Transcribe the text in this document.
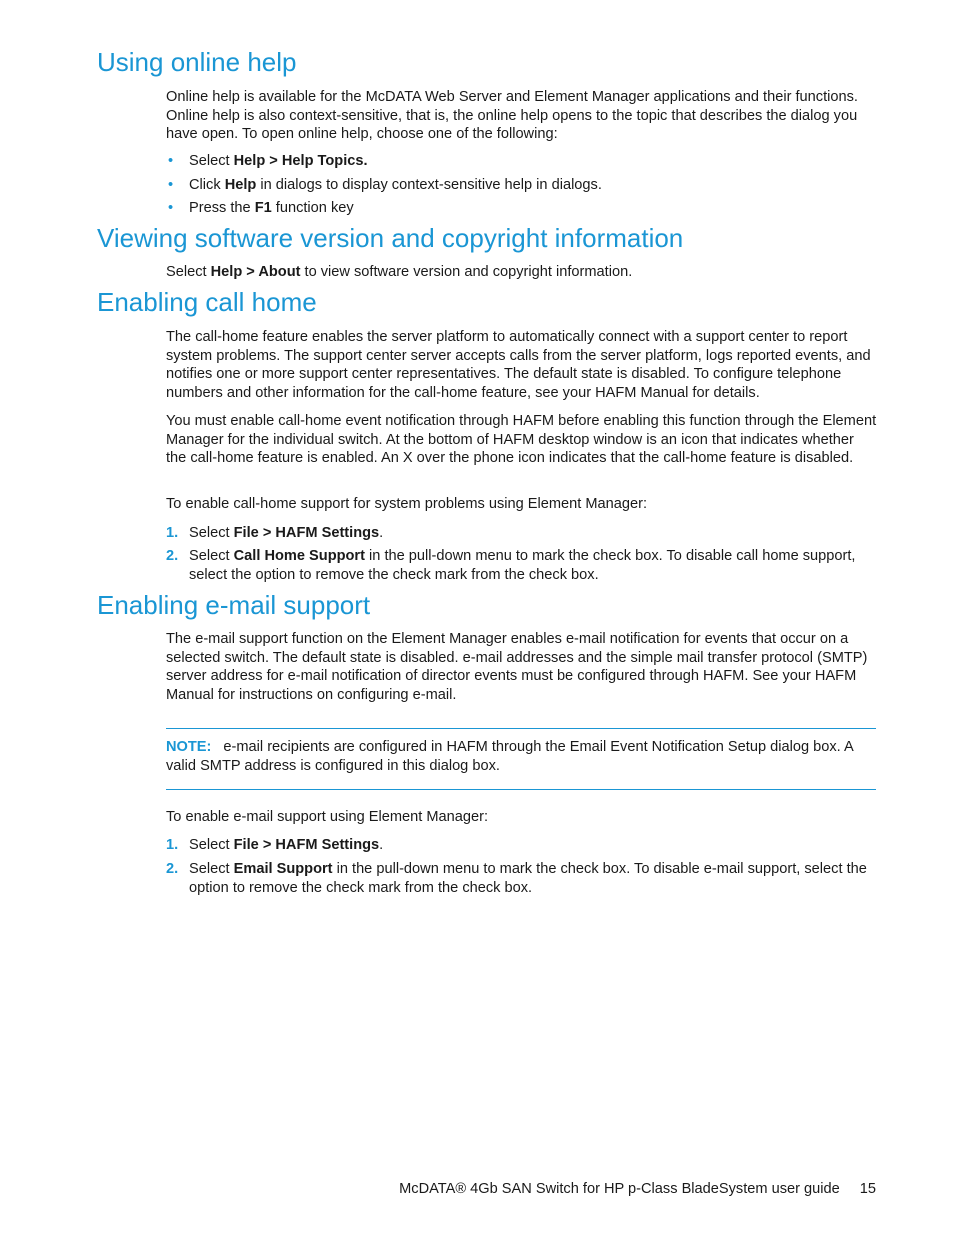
Using online help

Online help is available for the McDATA Web Server and Element Manager applications and their functions. Online help is also context-sensitive, that is, the online help opens to the topic that describes the dialog you have open. To open online help, choose one of the following:

• Select Help > Help Topics.
• Click Help in dialogs to display context-sensitive help in dialogs.
• Press the F1 function key
Viewing software version and copyright information

Select Help > About to view software version and copyright information.

Enabling call home

The call-home feature enables the server platform to automatically connect with a support center to report system problems. The support center server accepts calls from the server platform, logs reported events, and notifies one or more support center representatives. The default state is disabled. To configure telephone numbers and other information for the call-home feature, see your HAFM Manual for details.

You must enable call-home event notification through HAFM before enabling this function through the Element Manager for the individual switch. At the bottom of HAFM desktop window is an icon that indicates whether the call-home feature is enabled. An X over the phone icon indicates that the call-home feature is disabled.

To enable call-home support for system problems using Element Manager:

1. Select File > HAFM Settings.
2. Select Call Home Support in the pull-down menu to mark the check box. To disable call home support, select the option to remove the check mark from the check box.
Enabling e-mail support

The e-mail support function on the Element Manager enables e-mail notification for events that occur on a selected switch. The default state is disabled. e-mail addresses and the simple mail transfer protocol (SMTP) server address for e-mail notification of director events must be configured through HAFM. See your HAFM Manual for instructions on configuring e-mail.

NOTE: e-mail recipients are configured in HAFM through the Email Event Notification Setup dialog box. A valid SMTP address is configured in this dialog box.

To enable e-mail support using Element Manager:

1. Select File > HAFM Settings.
2. Select Email Support in the pull-down menu to mark the check box. To disable e-mail support, select the option to remove the check mark from the check box.
McDATA® 4Gb SAN Switch for HP p-Class BladeSystem user guide 15
